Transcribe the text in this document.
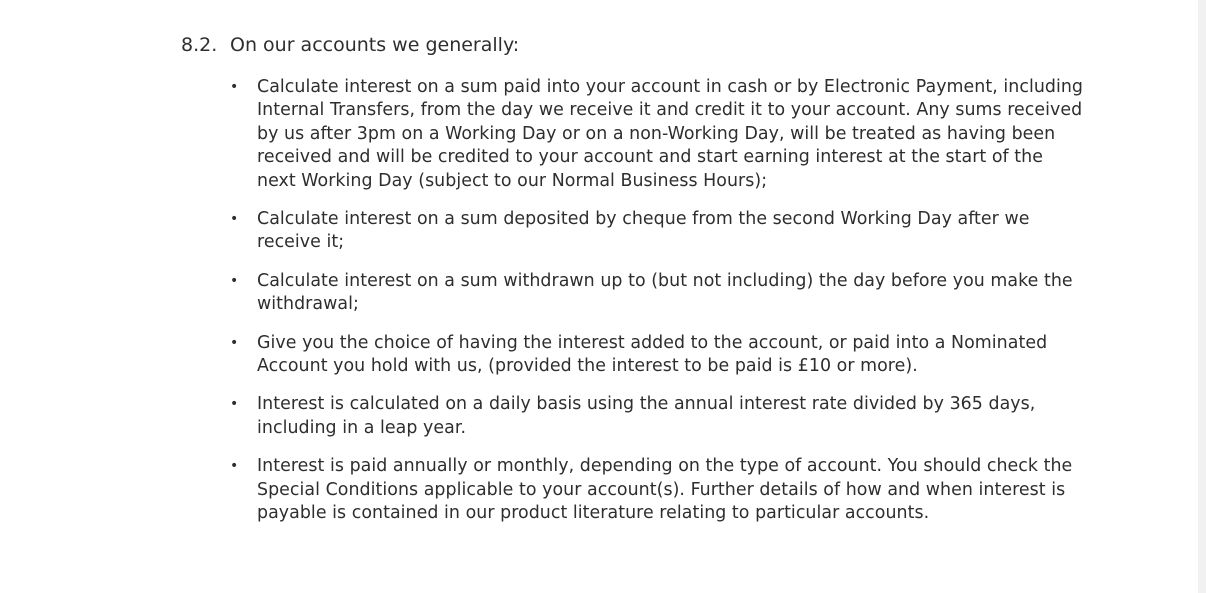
8.2. On our accounts we generally:
• Calculate interest on a sum paid into your account in cash or by Electronic Payment, including Internal Transfers, from the day we receive it and credit it to your account. Any sums received by us after 3pm on a Working Day or on a non-Working Day, will be treated as having been received and will be credited to your account and start earning interest at the start of the next Working Day (subject to our Normal Business Hours);
• Calculate interest on a sum deposited by cheque from the second Working Day after we receive it;
• Calculate interest on a sum withdrawn up to (but not including) the day before you make the withdrawal;
• Give you the choice of having the interest added to the account, or paid into a Nominated Account you hold with us, (provided the interest to be paid is £10 or more).
• Interest is calculated on a daily basis using the annual interest rate divided by 365 days, including in a leap year.
• Interest is paid annually or monthly, depending on the type of account. You should check the Special Conditions applicable to your account(s). Further details of how and when interest is payable is contained in our product literature relating to particular accounts.
